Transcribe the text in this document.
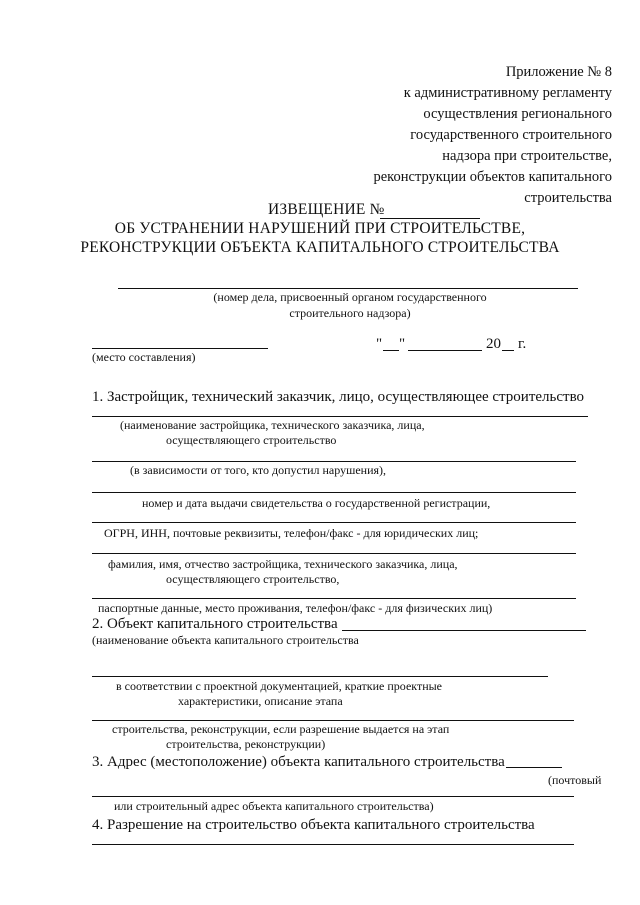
Приложение № 8
к административному регламенту
осуществления регионального
государственного строительного
надзора при строительстве,
реконструкции объектов капитального
строительства
ИЗВЕЩЕНИЕ №
ОБ УСТРАНЕНИИ НАРУШЕНИЙ ПРИ СТРОИТЕЛЬСТВЕ,
РЕКОНСТРУКЦИИ ОБЪЕКТА КАПИТАЛЬНОГО СТРОИТЕЛЬСТВА
(номер дела, присвоенный органом государственного
строительного надзора)
(место составления)
" "	20 г.
1. Застройщик, технический заказчик, лицо, осуществляющее строительство
(наименование застройщика, технического заказчика, лица,
осуществляющего строительство
(в зависимости от того, кто допустил нарушения),
номер и дата выдачи свидетельства о государственной регистрации,
ОГРН, ИНН, почтовые реквизиты, телефон/факс - для юридических лиц;
фамилия, имя, отчество застройщика, технического заказчика, лица,
осуществляющего строительство,
паспортные данные, место проживания, телефон/факс - для физических лиц)
2. Объект капитального строительства
(наименование объекта капитального строительства
в соответствии с проектной документацией, краткие проектные
характеристики, описание этапа
строительства, реконструкции, если разрешение выдается на этап
строительства, реконструкции)
3. Адрес (местоположение) объекта капитального строительства
(почтовый
или строительный адрес объекта капитального строительства)
4. Разрешение на строительство объекта капитального строительства
